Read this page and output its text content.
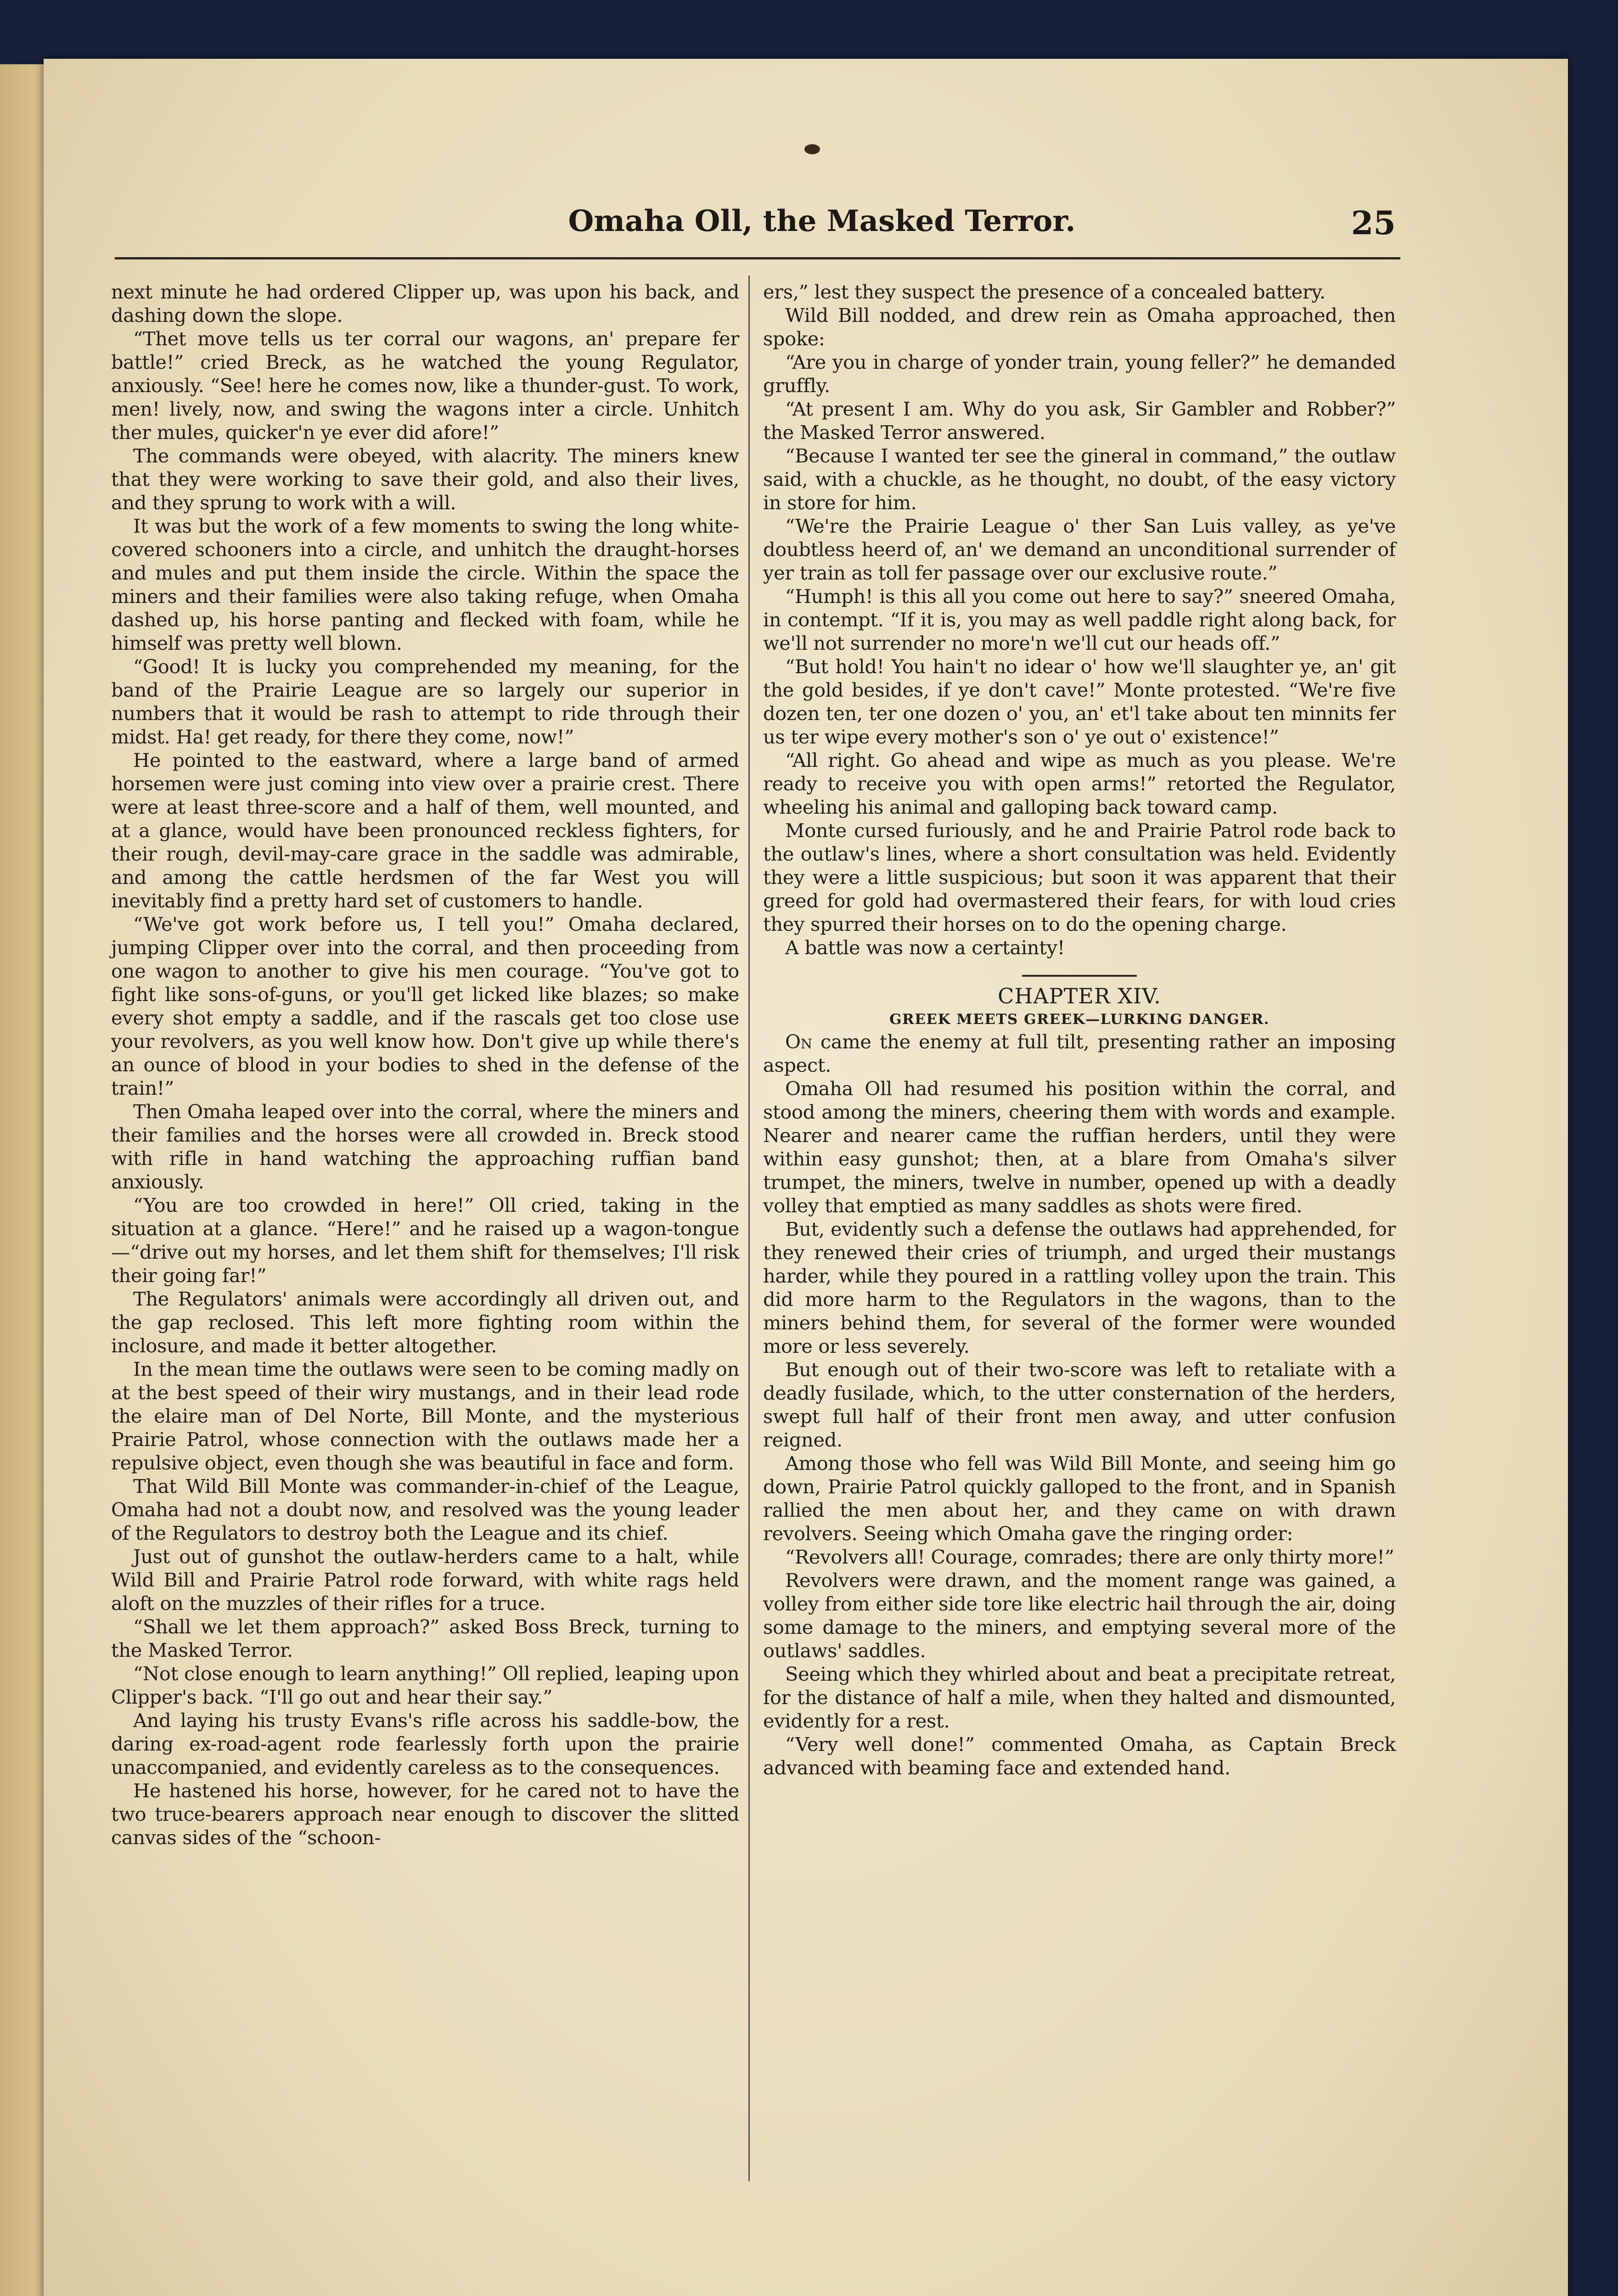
Omaha Oll, the Masked Terror.	25

next minute he had ordered Clipper up, was upon his back, and dashing down the slope.

“Thet move tells us ter corral our wagons, an' prepare fer battle!” cried Breck, as he watched the young Regulator, anxiously. “See! here he comes now, like a thunder-gust. To work, men! lively, now, and swing the wagons inter a circle. Unhitch ther mules, quicker'n ye ever did afore!”

The commands were obeyed, with alacrity. The miners knew that they were working to save their gold, and also their lives, and they sprung to work with a will.

It was but the work of a few moments to swing the long white-covered schooners into a circle, and unhitch the draught-horses and mules and put them inside the circle. Within the space the miners and their families were also taking refuge, when Omaha dashed up, his horse panting and flecked with foam, while he himself was pretty well blown.

“Good! It is lucky you comprehended my meaning, for the band of the Prairie League are so largely our superior in numbers that it would be rash to attempt to ride through their midst. Ha! get ready, for there they come, now!”

He pointed to the eastward, where a large band of armed horsemen were just coming into view over a prairie crest. There were at least three-score and a half of them, well mounted, and at a glance, would have been pronounced reckless fighters, for their rough, devil-may-care grace in the saddle was admirable, and among the cattle herdsmen of the far West you will inevitably find a pretty hard set of customers to handle.

“We've got work before us, I tell you!” Omaha declared, jumping Clipper over into the corral, and then proceeding from one wagon to another to give his men courage. “You've got to fight like sons-of-guns, or you'll get licked like blazes; so make every shot empty a saddle, and if the rascals get too close use your revolvers, as you well know how. Don't give up while there's an ounce of blood in your bodies to shed in the defense of the train!”

Then Omaha leaped over into the corral, where the miners and their families and the horses were all crowded in. Breck stood with rifle in hand watching the approaching ruffian band anxiously.

“You are too crowded in here!” Oll cried, taking in the situation at a glance. “Here!” and he raised up a wagon-tongue—“drive out my horses, and let them shift for themselves; I'll risk their going far!”

The Regulators' animals were accordingly all driven out, and the gap reclosed. This left more fighting room within the inclosure, and made it better altogether.

In the mean time the outlaws were seen to be coming madly on at the best speed of their wiry mustangs, and in their lead rode the elaire man of Del Norte, Bill Monte, and the mysterious Prairie Patrol, whose connection with the outlaws made her a repulsive object, even though she was beautiful in face and form.

That Wild Bill Monte was commander-in-chief of the League, Omaha had not a doubt now, and resolved was the young leader of the Regulators to destroy both the League and its chief.

Just out of gunshot the outlaw-herders came to a halt, while Wild Bill and Prairie Patrol rode forward, with white rags held aloft on the muzzles of their rifles for a truce.

“Shall we let them approach?” asked Boss Breck, turning to the Masked Terror.

“Not close enough to learn anything!” Oll replied, leaping upon Clipper's back. “I'll go out and hear their say.”

And laying his trusty Evans's rifle across his saddle-bow, the daring ex-road-agent rode fearlessly forth upon the prairie unaccompanied, and evidently careless as to the consequences.

He hastened his horse, however, for he cared not to have the two truce-bearers approach near enough to discover the slitted canvas sides of the “schoon-

ers,” lest they suspect the presence of a concealed battery.

Wild Bill nodded, and drew rein as Omaha approached, then spoke:

“Are you in charge of yonder train, young feller?” he demanded gruffly.

“At present I am. Why do you ask, Sir Gambler and Robber?” the Masked Terror answered.

“Because I wanted ter see the gineral in command,” the outlaw said, with a chuckle, as he thought, no doubt, of the easy victory in store for him.

“We're the Prairie League o' ther San Luis valley, as ye've doubtless heerd of, an' we demand an unconditional surrender of yer train as toll fer passage over our exclusive route.”

“Humph! is this all you come out here to say?” sneered Omaha, in contempt. “If it is, you may as well paddle right along back, for we'll not surrender no more'n we'll cut our heads off.”

“But hold! You hain't no idear o' how we'll slaughter ye, an' git the gold besides, if ye don't cave!” Monte protested. “We're five dozen ten, ter one dozen o' you, an' et'l take about ten minnits fer us ter wipe every mother's son o' ye out o' existence!”

“All right. Go ahead and wipe as much as you please. We're ready to receive you with open arms!” retorted the Regulator, wheeling his animal and galloping back toward camp.

Monte cursed furiously, and he and Prairie Patrol rode back to the outlaw's lines, where a short consultation was held. Evidently they were a little suspicious; but soon it was apparent that their greed for gold had overmastered their fears, for with loud cries they spurred their horses on to do the opening charge.

A battle was now a certainty!

CHAPTER XIV.

GREEK MEETS GREEK—LURKING DANGER.

On came the enemy at full tilt, presenting rather an imposing aspect.

Omaha Oll had resumed his position within the corral, and stood among the miners, cheering them with words and example. Nearer and nearer came the ruffian herders, until they were within easy gunshot; then, at a blare from Omaha's silver trumpet, the miners, twelve in number, opened up with a deadly volley that emptied as many saddles as shots were fired.

But, evidently such a defense the outlaws had apprehended, for they renewed their cries of triumph, and urged their mustangs harder, while they poured in a rattling volley upon the train. This did more harm to the Regulators in the wagons, than to the miners behind them, for several of the former were wounded more or less severely.

But enough out of their two-score was left to retaliate with a deadly fusilade, which, to the utter consternation of the herders, swept full half of their front men away, and utter confusion reigned.

Among those who fell was Wild Bill Monte, and seeing him go down, Prairie Patrol quickly galloped to the front, and in Spanish rallied the men about her, and they came on with drawn revolvers. Seeing which Omaha gave the ringing order:

“Revolvers all! Courage, comrades; there are only thirty more!”

Revolvers were drawn, and the moment range was gained, a volley from either side tore like electric hail through the air, doing some damage to the miners, and emptying several more of the outlaws' saddles.

Seeing which they whirled about and beat a precipitate retreat, for the distance of half a mile, when they halted and dismounted, evidently for a rest.

“Very well done!” commented Omaha, as Captain Breck advanced with beaming face and extended hand.
